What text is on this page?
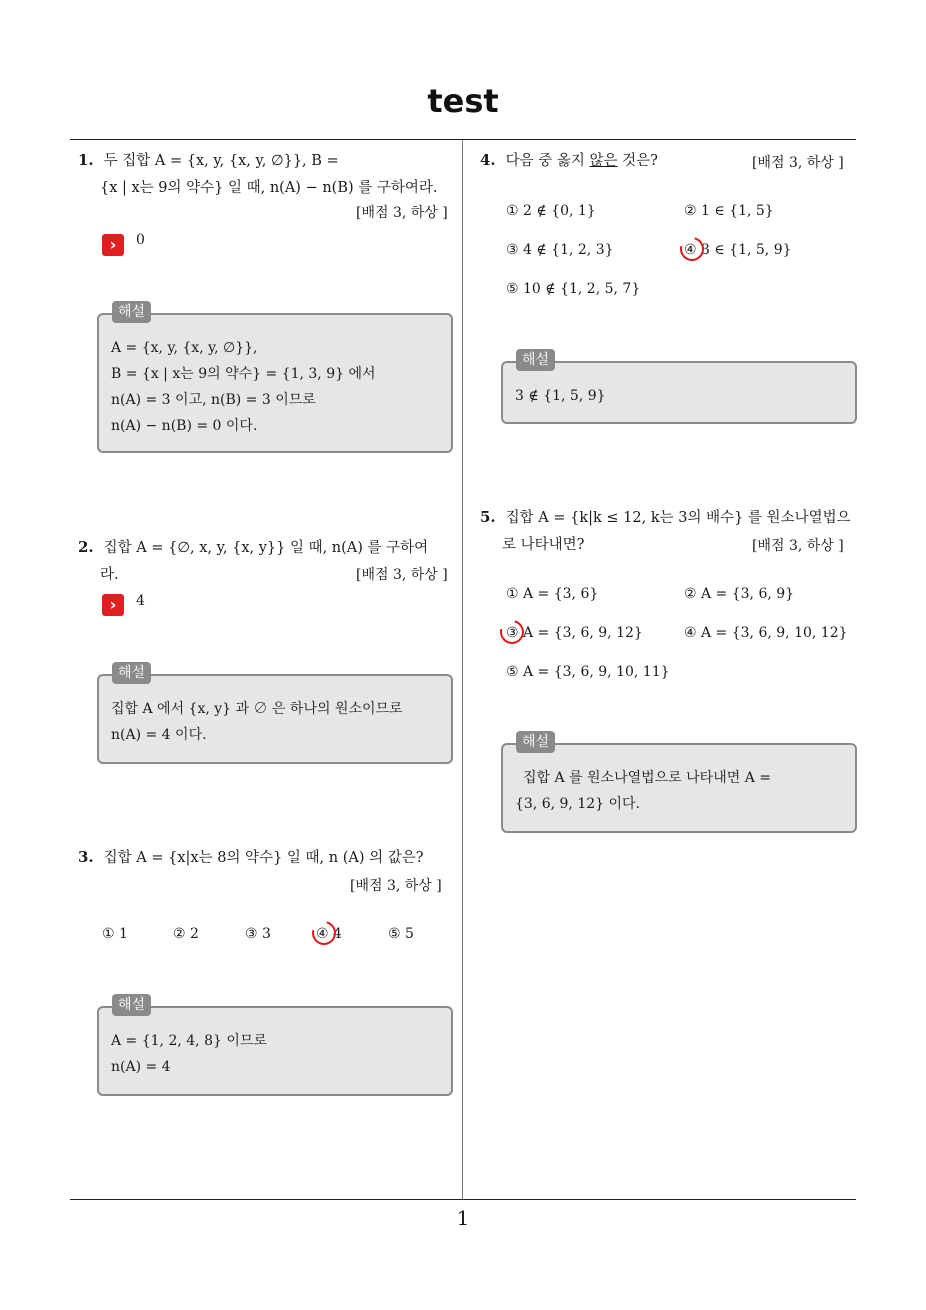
test
1. 두 집합 A = {x, y, {x, y, ∅}}, B =
{x | x는 9의 약수} 일 때, n(A) − n(B) 를 구하여라.
[배점 3, 하상 ]
›	0
A = {x, y, {x, y, ∅}},
B = {x | x는 9의 약수} = {1, 3, 9} 에서
n(A) = 3 이고, n(B) = 3 이므로
n(A) − n(B) = 0 이다.
해설
2. 집합 A = {∅, x, y, {x, y}} 일 때, n(A) 를 구하여
라.	[배점 3, 하상 ]
›	4
집합 A 에서 {x, y} 과 ∅ 은 하나의 원소이므로
n(A) = 4 이다.
해설
3. 집합 A = {x|x는 8의 약수} 일 때, n (A) 의 값은?
[배점 3, 하상 ]
① 1	② 2	③ 3	④ 4	⑤ 5
A = {1, 2, 4, 8} 이므로
n(A) = 4
해설
4. 다음 중 옳지 않은 것은?	[배점 3, 하상 ]
① 2 ∉ {0, 1}	② 1 ∈ {1, 5}
③ 4 ∉ {1, 2, 3}	④ 3 ∈ {1, 5, 9}
⑤ 10 ∉ {1, 2, 5, 7}
3 ∉ {1, 5, 9}
해설
5. 집합 A = {k|k ≤ 12, k는 3의 배수} 를 원소나열법으
로 나타내면?	[배점 3, 하상 ]
① A = {3, 6}	② A = {3, 6, 9}
③ A = {3, 6, 9, 12}	④ A = {3, 6, 9, 10, 12}
⑤ A = {3, 6, 9, 10, 11}
집합 A 를 원소나열법으로 나타내면 A =
{3, 6, 9, 12} 이다.
해설
1
